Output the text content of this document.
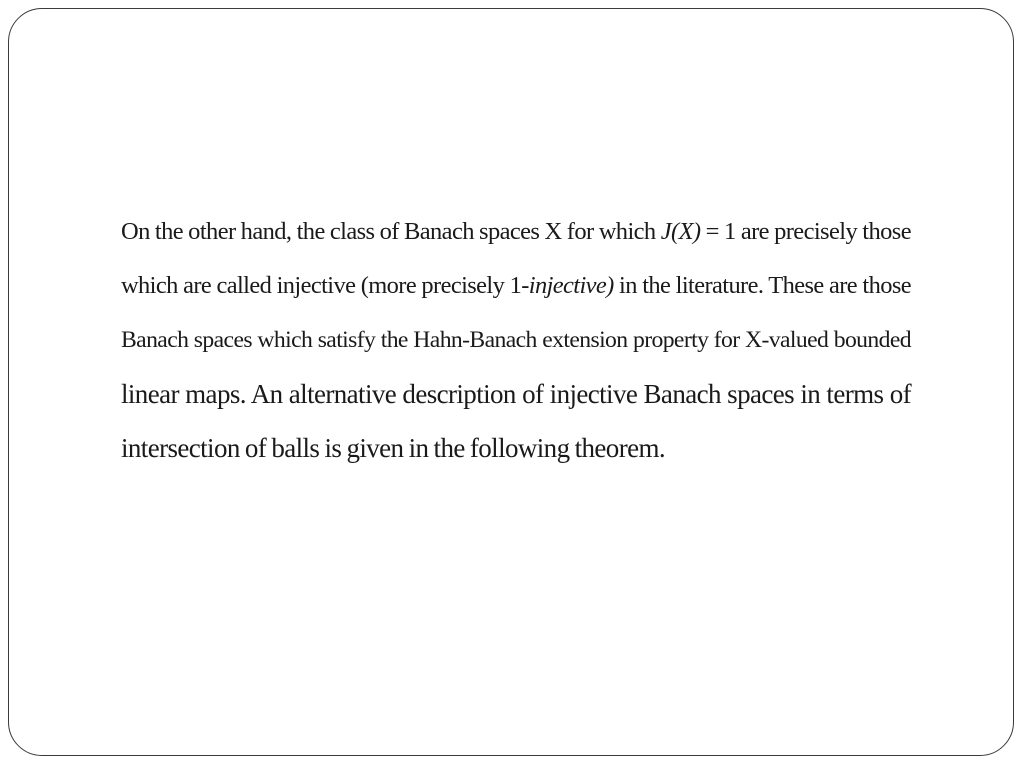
On the other hand, the class of Banach spaces X for which J(X) = 1 are precisely those
which are called injective (more precisely 1-injective) in the literature. These are those
Banach spaces which satisfy the Hahn-Banach extension property for X-valued bounded
linear maps. An alternative description of injective Banach spaces in terms of
intersection of balls is given in the following theorem.
